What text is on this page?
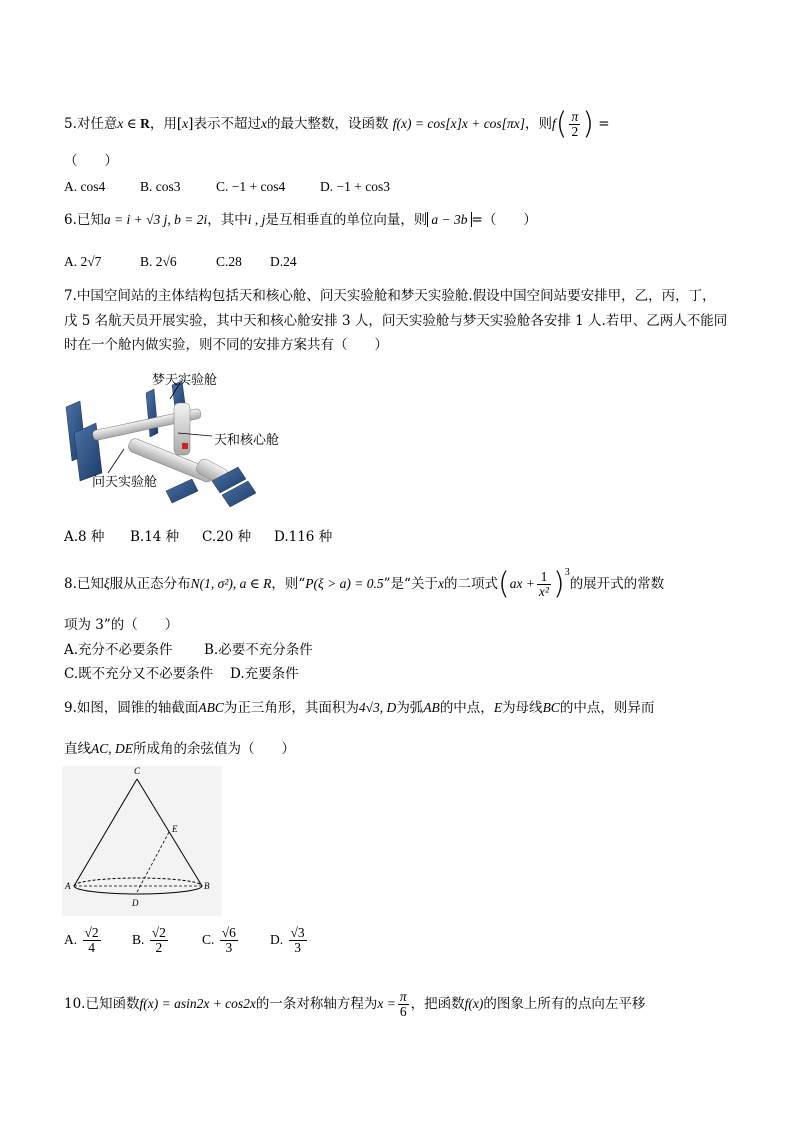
5.对任意x ∈ R，用[x]表示不超过x的最大整数，设函数 f(x) = cos[x]x + cos[πx]，则$f( \frac{\pi}{2}$ ) =
（　　）
A. cos4	B. cos3	C. −1 + cos4	D. −1 + cos3
6.已知a = i + √3 j, b = 2i，其中i , j是互相垂直的单位向量，则 a − 3b =（　　）
A. 2√7	B. 2√6	C.28 D.24
7.中国空间站的主体结构包括天和核心舱、问天实验舱和梦天实验舱.假设中国空间站要安排甲，乙，丙，丁，
戊 5 名航天员开展实验，其中天和核心舱安排 3 人，问天实验舱与梦天实验舱各安排 1 人.若甲、乙两人不能同
时在一个舱内做实验，则不同的安排方案共有（　　）
梦天实验舱
天和核心舱
问天实验舱
A.8 种 B.14 种 C.20 种 D.116 种
8.已知ξ服从正态分布N(1, σ²), a ∈ R，则“P(ξ > a) = 0.5”是“关于x的二项式$(ax + \frac{1}{\text{x²}} )^3$的展开式的常数
项为 3”的（　　）
A.充分不必要条件 B.必要不充分条件
C.既不充分又不必要条件 D.充要条件
9.如图，圆锥的轴截面ABC为正三角形，其面积为4√3, D为弧AB的中点，E为母线BC的中点，则异而
直线AC, DE所成角的余弦值为（　　）
C
E
A	B
D
A. $\frac{√2}{4} B$. $\frac{√2}{2}$	C. $\frac{√6}{3} D$. $\frac{√3}{3}$
10.已知函数f(x) = asin2x + cos2x的一条对称轴方程为$x = \frac{\pi}{6}$ ，把函数f(x)的图象上所有的点向左平移
